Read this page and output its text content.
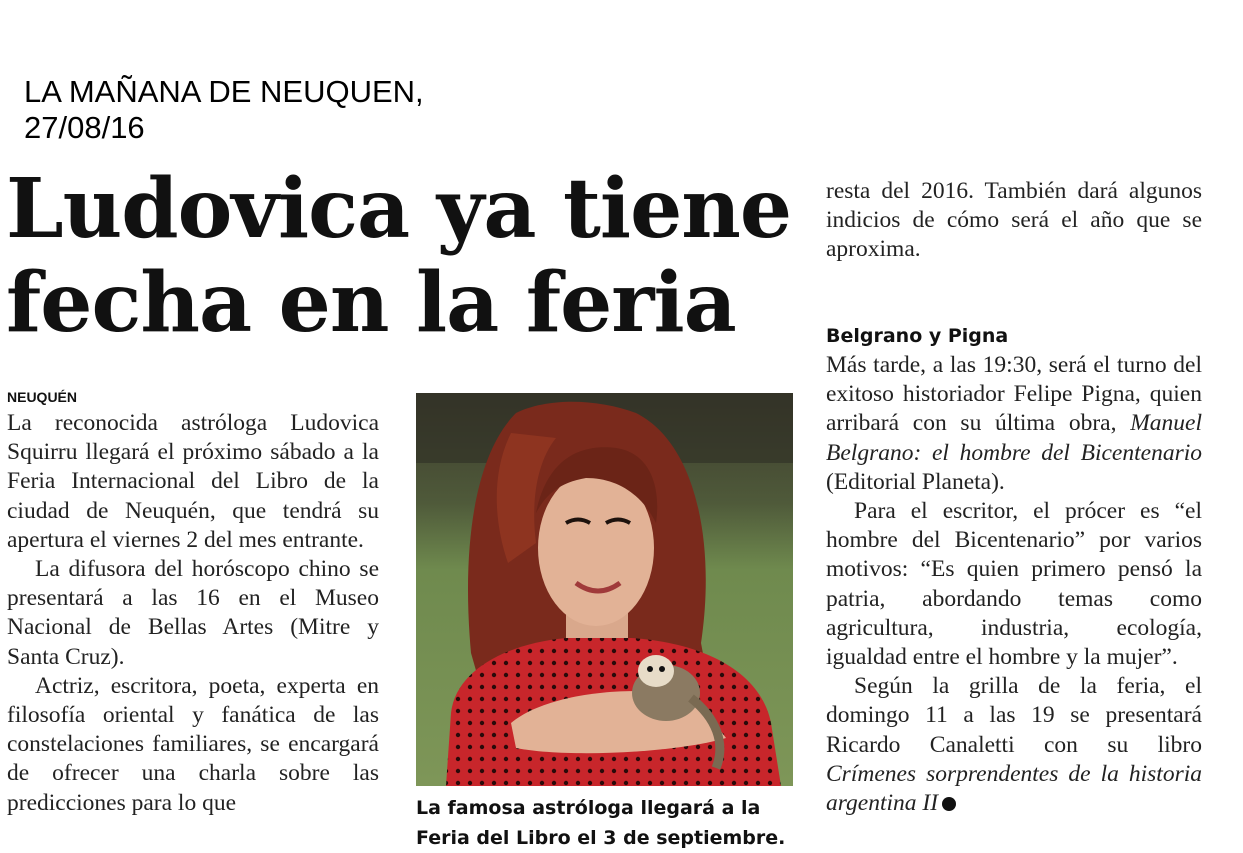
LA MAÑANA DE NEUQUEN,
27/08/16
Ludovica ya tiene
fecha en la feria
NEUQUÉN

La reconocida astróloga Ludovica Squirru llegará el próximo sábado a la Feria Internacional del Libro de la ciudad de Neuquén, que tendrá su apertura el viernes 2 del mes entrante.

La difusora del horóscopo chino se presentará a las 16 en el Museo Nacional de Bellas Artes (Mitre y Santa Cruz).

Actriz, escritora, poeta, experta en filosofía oriental y fanática de las constelaciones familiares, se encargará de ofrecer una charla sobre las predicciones para lo que	La famosa astróloga llegará a la
Feria del Libro el 3 de septiembre.

resta del 2016. También dará algunos indicios de cómo será el año que se aproxima.

Belgrano y Pigna

Más tarde, a las 19:30, será el turno del exitoso historiador Felipe Pigna, quien arribará con su última obra, Manuel Belgrano: el hombre del Bicentenario (Editorial Planeta).

Para el escritor, el prócer es “el hombre del Bicentenario” por varios motivos: “Es quien primero pensó la patria, abordando temas como agricultura, industria, ecología, igualdad entre el hombre y la mujer”.

Según la grilla de la feria, el domingo 11 a las 19 se presentará Ricardo Canaletti con su libro Crímenes sorprendentes de la historia argentina II
